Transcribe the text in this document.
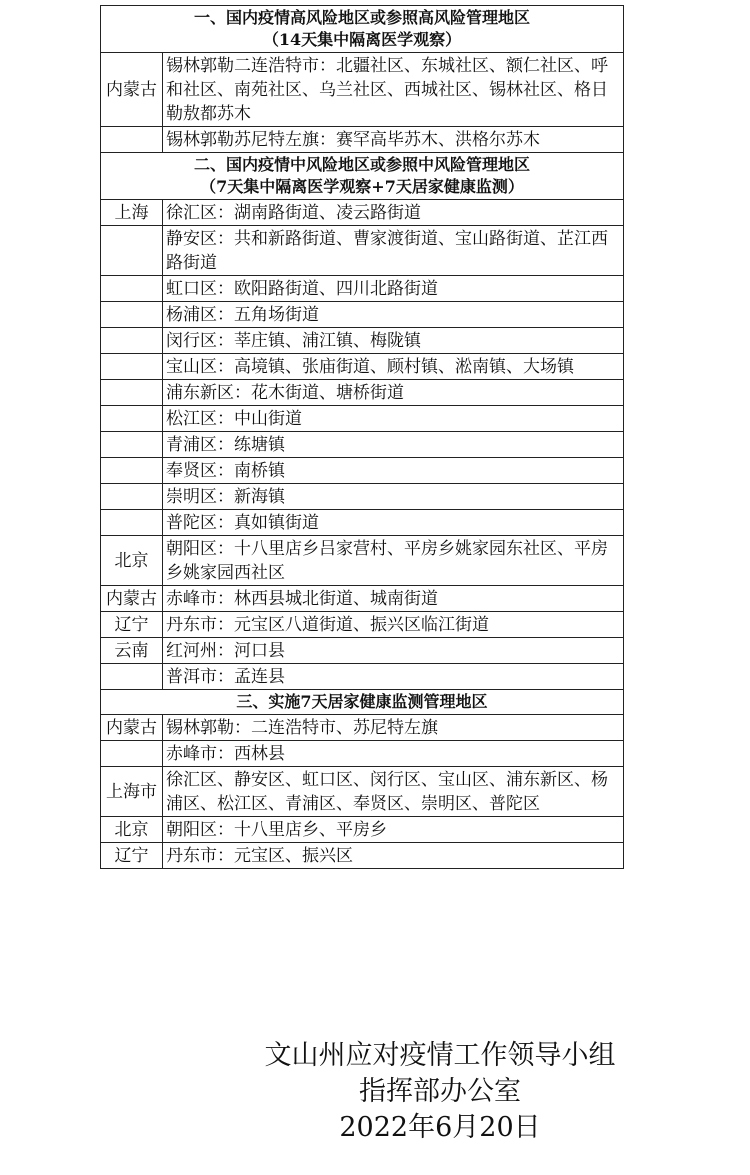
一、国内疫情高风险地区或参照高风险管理地区
（14天集中隔离医学观察）	

内蒙古	锡林郭勒二连浩特市：北疆社区、东城社区、额仁社区、呼和社区、南苑社区、乌兰社区、西城社区、锡林社区、格日勒敖都苏木
	锡林郭勒苏尼特左旗：赛罕高毕苏木、洪格尔苏木

二、国内疫情中风险地区或参照中风险管理地区
（7天集中隔离医学观察+7天居家健康监测）	

上海	徐汇区：湖南路街道、凌云路街道
	静安区：共和新路街道、曹家渡街道、宝山路街道、芷江西路街道
	虹口区：欧阳路街道、四川北路街道
	杨浦区：五角场街道
	闵行区：莘庄镇、浦江镇、梅陇镇
	宝山区：高境镇、张庙街道、顾村镇、淞南镇、大场镇
	浦东新区：花木街道、塘桥街道
	松江区：中山街道
	青浦区：练塘镇
	奉贤区：南桥镇
	崇明区：新海镇
	普陀区：真如镇街道
北京	朝阳区：十八里店乡吕家营村、平房乡姚家园东社区、平房乡姚家园西社区
内蒙古	赤峰市：林西县城北街道、城南街道
辽宁	丹东市：元宝区八道街道、振兴区临江街道
云南	红河州：河口县
	普洱市：孟连县

三、实施7天居家健康监测管理地区	

内蒙古	锡林郭勒：二连浩特市、苏尼特左旗
	赤峰市：西林县
上海市	徐汇区、静安区、虹口区、闵行区、宝山区、浦东新区、杨浦区、松江区、青浦区、奉贤区、崇明区、普陀区
北京	朝阳区：十八里店乡、平房乡
辽宁	丹东市：元宝区、振兴区
文山州应对疫情工作领导小组
指挥部办公室
2022年6月20日
